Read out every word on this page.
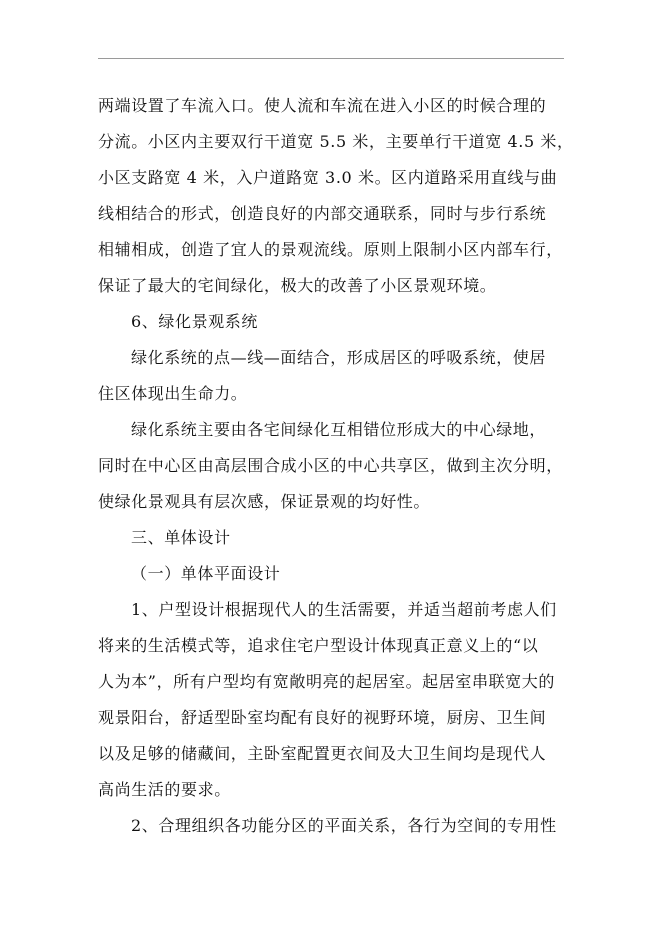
两端设置了车流入口。使人流和车流在进入小区的时候合理的
分流。小区内主要双行干道宽 5.5 米，主要单行干道宽 4.5 米，
小区支路宽 4 米，入户道路宽 3.0 米。区内道路采用直线与曲
线相结合的形式，创造良好的内部交通联系，同时与步行系统
相辅相成，创造了宜人的景观流线。原则上限制小区内部车行，
保证了最大的宅间绿化，极大的改善了小区景观环境。
6、绿化景观系统
绿化系统的点—线—面结合，形成居区的呼吸系统，使居
住区体现出生命力。
绿化系统主要由各宅间绿化互相错位形成大的中心绿地，
同时在中心区由高层围合成小区的中心共享区，做到主次分明，
使绿化景观具有层次感，保证景观的均好性。
三、单体设计
（一）单体平面设计
1、户型设计根据现代人的生活需要，并适当超前考虑人们
将来的生活模式等，追求住宅户型设计体现真正意义上的“以
人为本”，所有户型均有宽敞明亮的起居室。起居室串联宽大的
观景阳台，舒适型卧室均配有良好的视野环境，厨房、卫生间
以及足够的储藏间，主卧室配置更衣间及大卫生间均是现代人
高尚生活的要求。
2、合理组织各功能分区的平面关系，各行为空间的专用性
